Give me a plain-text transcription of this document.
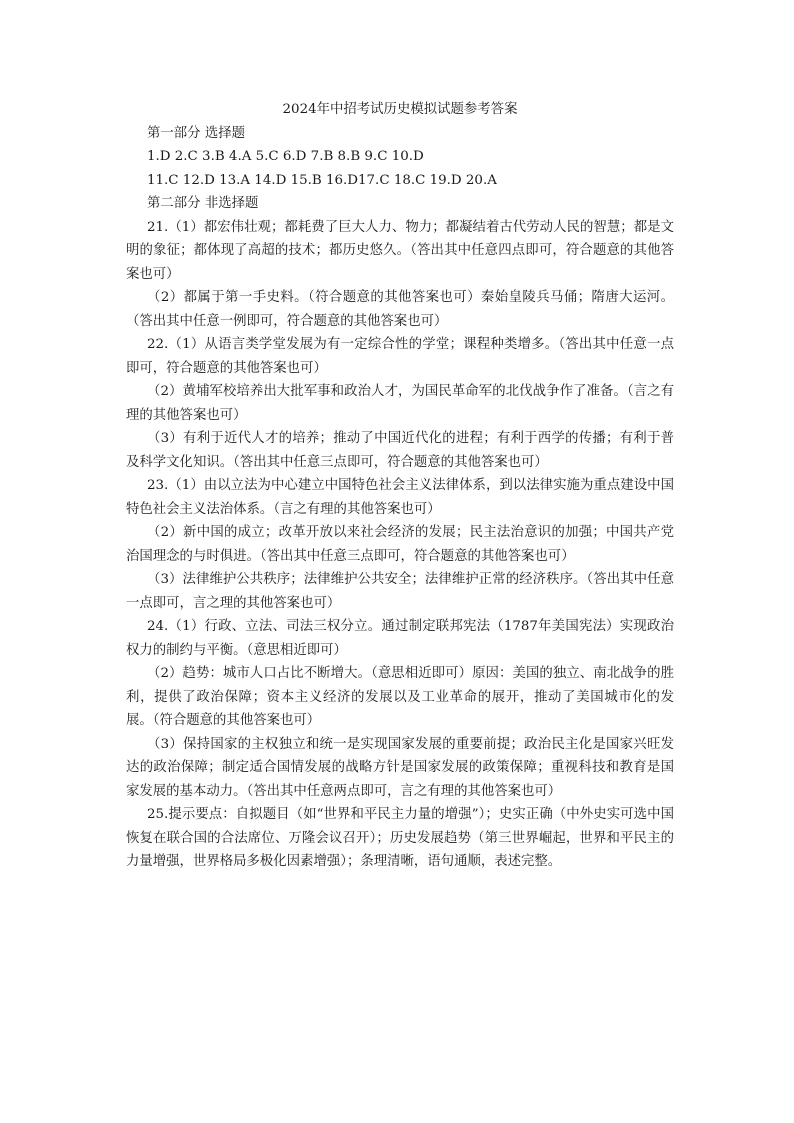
2024年中招考试历史模拟试题参考答案

第一部分 选择题

1.D 2.C 3.B 4.A 5.C 6.D 7.B 8.B 9.C 10.D

11.C 12.D 13.A 14.D 15.B 16.D17.C 18.C 19.D 20.A

第二部分 非选择题

21.（1）都宏伟壮观；都耗费了巨大人力、物力；都凝结着古代劳动人民的智慧；都是文明的象征；都体现了高超的技术；都历史悠久。（答出其中任意四点即可，符合题意的其他答案也可）

（2）都属于第一手史料。（符合题意的其他答案也可）秦始皇陵兵马俑；隋唐大运河。（答出其中任意一例即可，符合题意的其他答案也可）

22.（1）从语言类学堂发展为有一定综合性的学堂；课程种类增多。（答出其中任意一点即可，符合题意的其他答案也可）

（2）黄埔军校培养出大批军事和政治人才，为国民革命军的北伐战争作了准备。（言之有理的其他答案也可）

（3）有利于近代人才的培养；推动了中国近代化的进程；有利于西学的传播；有利于普及科学文化知识。（答出其中任意三点即可，符合题意的其他答案也可）

23.（1）由以立法为中心建立中国特色社会主义法律体系，到以法律实施为重点建设中国特色社会主义法治体系。（言之有理的其他答案也可）

（2）新中国的成立；改革开放以来社会经济的发展；民主法治意识的加强；中国共产党治国理念的与时俱进。（答出其中任意三点即可，符合题意的其他答案也可）

（3）法律维护公共秩序；法律维护公共安全；法律维护正常的经济秩序。（答出其中任意一点即可，言之理的其他答案也可）

24.（1）行政、立法、司法三权分立。通过制定联邦宪法（1787年美国宪法）实现政治权力的制约与平衡。（意思相近即可）

（2）趋势：城市人口占比不断增大。（意思相近即可）原因：美国的独立、南北战争的胜利，提供了政治保障；资本主义经济的发展以及工业革命的展开，推动了美国城市化的发展。（符合题意的其他答案也可）

（3）保持国家的主权独立和统一是实现国家发展的重要前提；政治民主化是国家兴旺发达的政治保障；制定适合国情发展的战略方针是国家发展的政策保障；重视科技和教育是国家发展的基本动力。（答出其中任意两点即可，言之有理的其他答案也可）

25.提示要点：自拟题目（如“世界和平民主力量的增强”）；史实正确（中外史实可选中国恢复在联合国的合法席位、万隆会议召开）；历史发展趋势（第三世界崛起，世界和平民主的力量增强，世界格局多极化因素增强）；条理清晰，语句通顺，表述完整。
